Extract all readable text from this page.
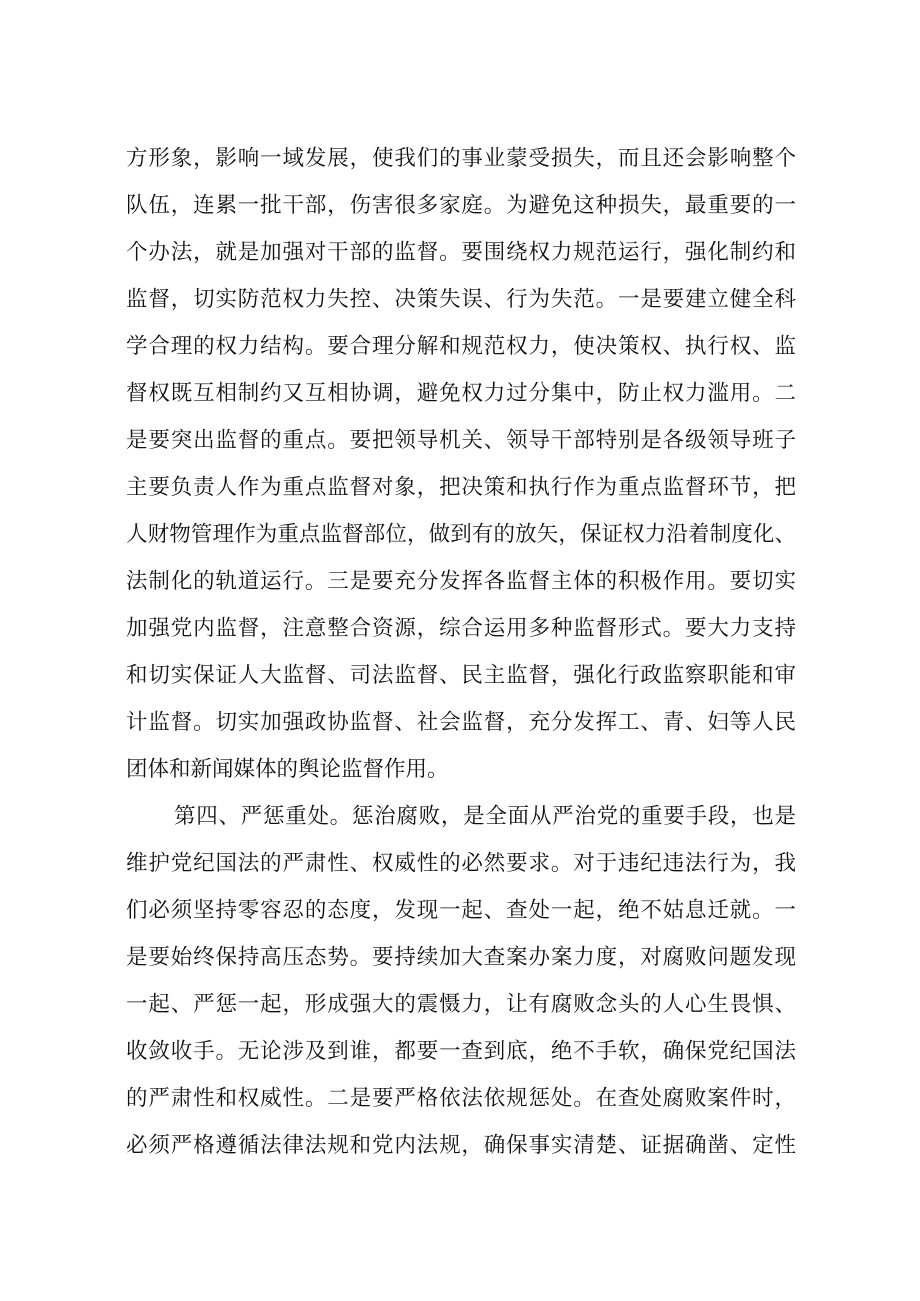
方形象，影响一域发展，使我们的事业蒙受损失，而且还会影响整个
队伍，连累一批干部，伤害很多家庭。为避免这种损失，最重要的一
个办法，就是加强对干部的监督。要围绕权力规范运行，强化制约和
监督，切实防范权力失控、决策失误、行为失范。一是要建立健全科
学合理的权力结构。要合理分解和规范权力，使决策权、执行权、监
督权既互相制约又互相协调，避免权力过分集中，防止权力滥用。二
是要突出监督的重点。要把领导机关、领导干部特别是各级领导班子
主要负责人作为重点监督对象，把决策和执行作为重点监督环节，把
人财物管理作为重点监督部位，做到有的放矢，保证权力沿着制度化、
法制化的轨道运行。三是要充分发挥各监督主体的积极作用。要切实
加强党内监督，注意整合资源，综合运用多种监督形式。要大力支持
和切实保证人大监督、司法监督、民主监督，强化行政监察职能和审
计监督。切实加强政协监督、社会监督，充分发挥工、青、妇等人民
团体和新闻媒体的舆论监督作用。
第四、严惩重处。惩治腐败，是全面从严治党的重要手段，也是
维护党纪国法的严肃性、权威性的必然要求。对于违纪违法行为，我
们必须坚持零容忍的态度，发现一起、查处一起，绝不姑息迁就。一
是要始终保持高压态势。要持续加大查案办案力度，对腐败问题发现
一起、严惩一起，形成强大的震慑力，让有腐败念头的人心生畏惧、
收敛收手。无论涉及到谁，都要一查到底，绝不手软，确保党纪国法
的严肃性和权威性。二是要严格依法依规惩处。在查处腐败案件时，
必须严格遵循法律法规和党内法规，确保事实清楚、证据确凿、定性
